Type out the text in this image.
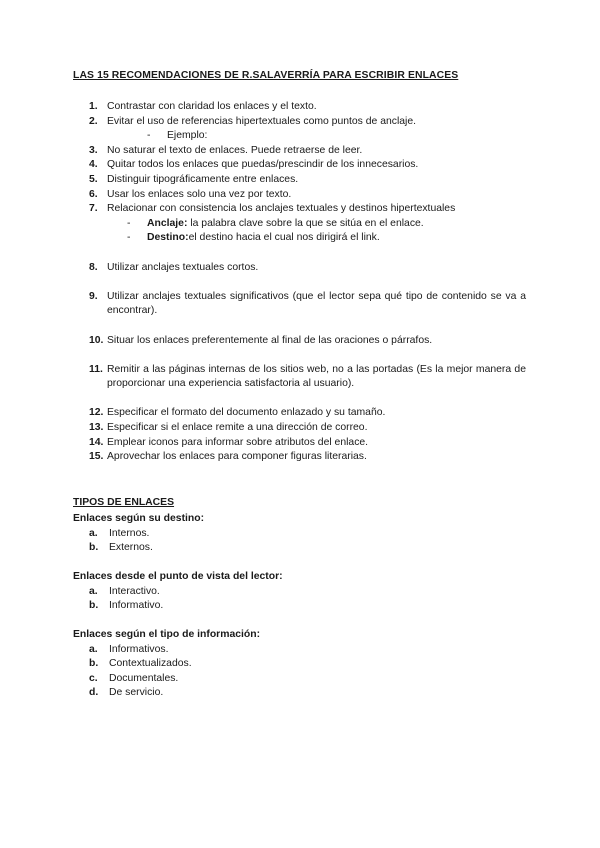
LAS 15 RECOMENDACIONES DE R.SALAVERRÍA PARA ESCRIBIR ENLACES
1. Contrastar con claridad los enlaces y el texto.
2. Evitar el uso de referencias hipertextuales como puntos de anclaje.
- Ejemplo:
3. No saturar el texto de enlaces. Puede retraerse de leer.
4. Quitar todos los enlaces que puedas/prescindir de los innecesarios.
5. Distinguir tipográficamente entre enlaces.
6. Usar los enlaces solo una vez por texto.
7. Relacionar con consistencia los anclajes textuales y destinos hipertextuales
- Anclaje: la palabra clave sobre la que se sitúa en el enlace.
- Destino:el destino hacia el cual nos dirigirá el link.
8. Utilizar anclajes textuales cortos.
9. Utilizar anclajes textuales significativos (que el lector sepa qué tipo de contenido se va a encontrar).
10. Situar los enlaces preferentemente al final de las oraciones o párrafos.
11. Remitir a las páginas internas de los sitios web, no a las portadas (Es la mejor manera de proporcionar una experiencia satisfactoria al usuario).
12. Especificar el formato del documento enlazado y su tamaño.
13. Especificar si el enlace remite a una dirección de correo.
14. Emplear iconos para informar sobre atributos del enlace.
15. Aprovechar los enlaces para componer figuras literarias.
TIPOS DE ENLACES
Enlaces según su destino:
a. Internos.
b. Externos.
Enlaces desde el punto de vista del lector:
a. Interactivo.
b. Informativo.
Enlaces según el tipo de información:
a. Informativos.
b. Contextualizados.
c. Documentales.
d. De servicio.
